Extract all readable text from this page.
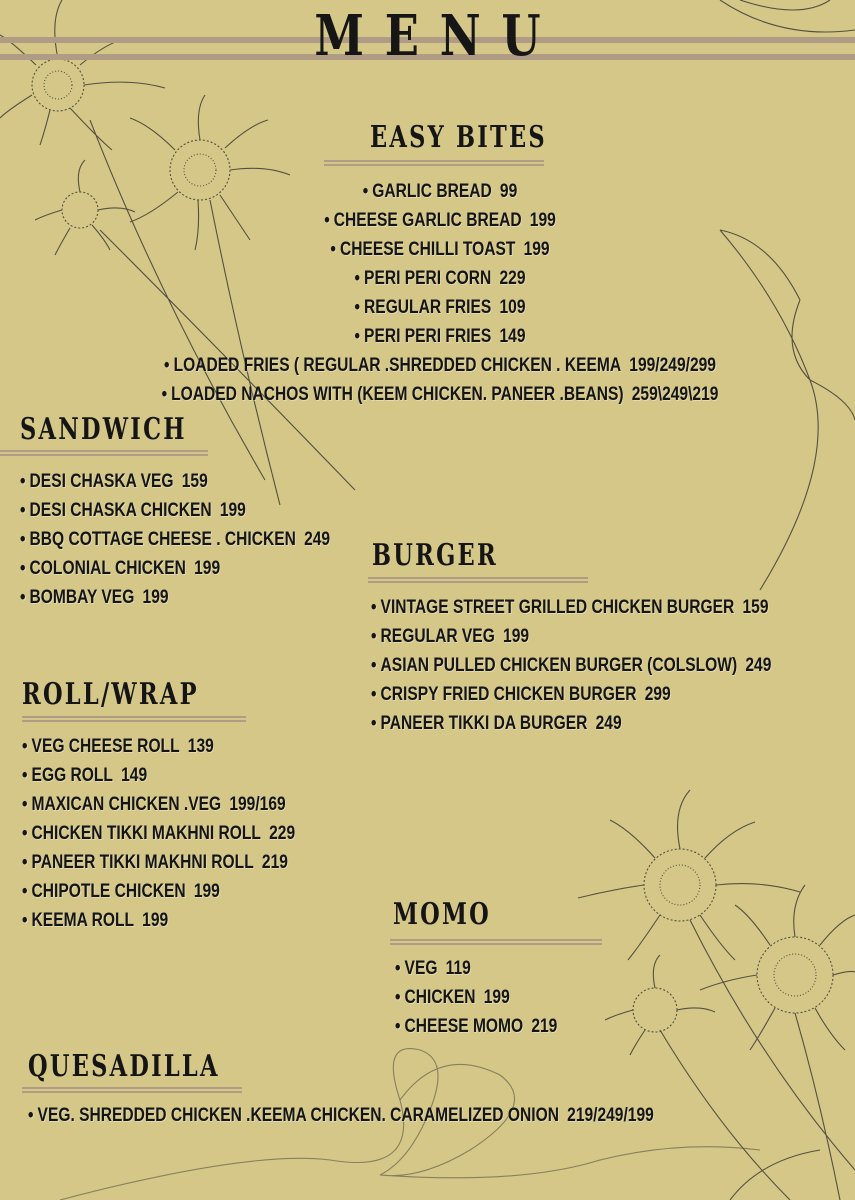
MENU
EASY BITES
• GARLIC BREAD 99
• CHEESE GARLIC BREAD 199
• CHEESE CHILLI TOAST 199
• PERI PERI CORN 229
• REGULAR FRIES 109
• PERI PERI FRIES 149
• LOADED FRIES ( REGULAR .SHREDDED CHICKEN . KEEMA 199/249/299
• LOADED NACHOS WITH (KEEM CHICKEN. PANEER .BEANS) 259\249\219
SANDWICH
• DESI CHASKA VEG 159
• DESI CHASKA CHICKEN 199
• BBQ COTTAGE CHEESE . CHICKEN 249
• COLONIAL CHICKEN 199
• BOMBAY VEG 199
BURGER
• VINTAGE STREET GRILLED CHICKEN BURGER 159
• REGULAR VEG 199
• ASIAN PULLED CHICKEN BURGER (COLSLOW) 249
• CRISPY FRIED CHICKEN BURGER 299
• PANEER TIKKI DA BURGER 249
ROLL/WRAP
• VEG CHEESE ROLL 139
• EGG ROLL 149
• MAXICAN CHICKEN .VEG 199/169
• CHICKEN TIKKI MAKHNI ROLL 229
• PANEER TIKKI MAKHNI ROLL 219
• CHIPOTLE CHICKEN 199
• KEEMA ROLL 199	MOMO
• VEG 119
• CHICKEN 199
• CHEESE MOMO 219
QUESADILLA
• VEG. SHREDDED CHICKEN .KEEMA CHICKEN. CARAMELIZED ONION 219/249/199
